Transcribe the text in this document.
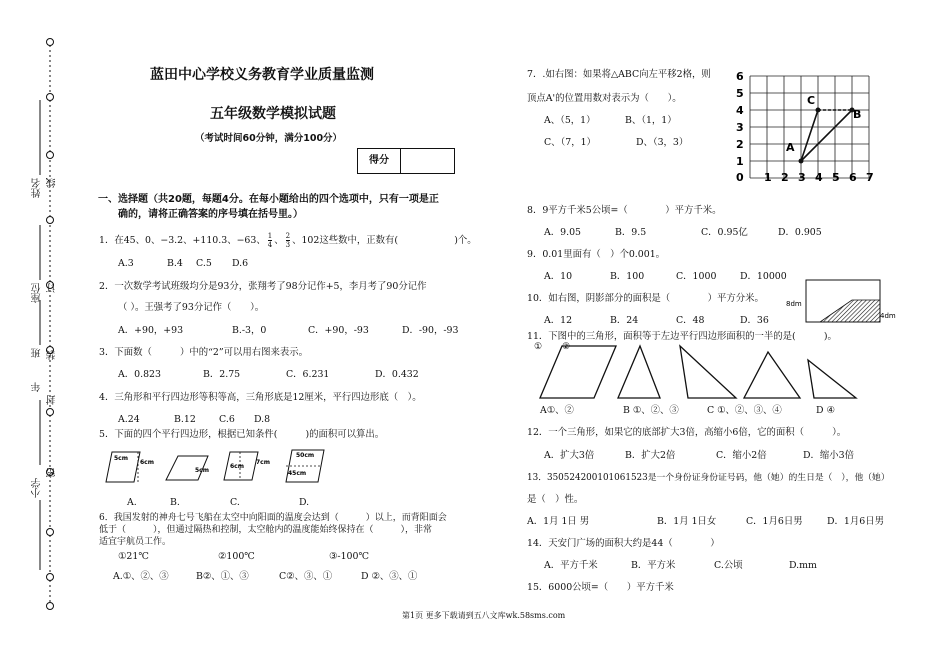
姓名 线
座位 订
班 装
年
封
小学
密
蓝田中心学校义务教育学业质量监测
五年级数学模拟试题
（考试时间60分钟，满分100分）
得分
一、选择题（共20题，每题4分。在每小题给出的四个选项中，只有一项是正
确的，请将正确答案的序号填在括号里。）
1．在45、0、−3.2、+110.3、−63、 $\frac{1}{4}$ 、 $\frac{2}{3}$ 、102这些数中，正数有(　　　　　　)个。
A.3	B.4 C.5 D.6
2．一次数学考试班级均分是93分，张翔考了98分记作+5，李月考了90分记作
（ ）。王强考了93分记作（　　）。
A．+90，+93	B.-3，0	C．+90，-93	D．-90，-93
3．下面数（　　　）中的“2”可以用右图来表示。
A．0.823	B．2.75	C．6.231	D．0.432
4．三角形和平行四边形等积等高，三角形底是12厘米，平行四边形底（　）。
A.24	B.12 C.6 D.8
5．下面的四个平行四边形，根据已知条件(　　　)的面积可以算出。
5cm
6cm
5cm
6cm
7cm
50cm
45cm
A.	B.	C.	D.
6．我国发射的神舟七号飞船在太空中向阳面的温度会达到（　　　）以上，而背阳面会
低于（　　　），但通过隔热和控制，太空舱内的温度能始终保持在（　　　），非常
适宜宇航员工作。
①21℃	②100℃	③-100℃
A.①、②、③	B②、①、③	C②、③、①	D ②、③、①
7．.如右图：如果将△ABC向左平移2格，则
顶点A'的位置用数对表示为（　　）。
A、（5，1）	B、（1，1）
C、（7，1）	D、（3，3）
C
B
A
6
5
4
3
2
1
0 1 2 3 4 5 6 7
8．9平方千米5公顷=（　　　　）平方千米。
A．9.05	B．9.5	C．0.95亿	D．0.905
9．0.01里面有（　）个0.001。
A．10	B．100	C．1000	D．10000
10．如右图，阴影部分的面积是（　　　　）平方分米。
A．12	B．24	C．48	D．36
8dm
4dm
11．下图中的三角形，面积等于左边平行四边形面积的一半的是(　　　)。
① ②
A①、②	B ①、②、③	C ①、②、③、④	D ④
12．一个三角形，如果它的底部扩大3倍，高缩小6倍，它的面积（　　　）。
A．扩大3倍	B．扩大2倍	C．缩小2倍	D．缩小3倍
13．350524200101061523是一个身份证身份证号码，他（她）的生日是（　），他（她）
是（　）性。
A．1月 1日 男	B．1月 1日女	C．1月6日男	D．1月6日男
14．天安门广场的面积大约是44（　　　　）
A．平方千米	B．平方米	C.公顷	D.mm
15．6000公顷=（　　）平方千米
第1页 更多下载请到五八文库wk.58sms.com
